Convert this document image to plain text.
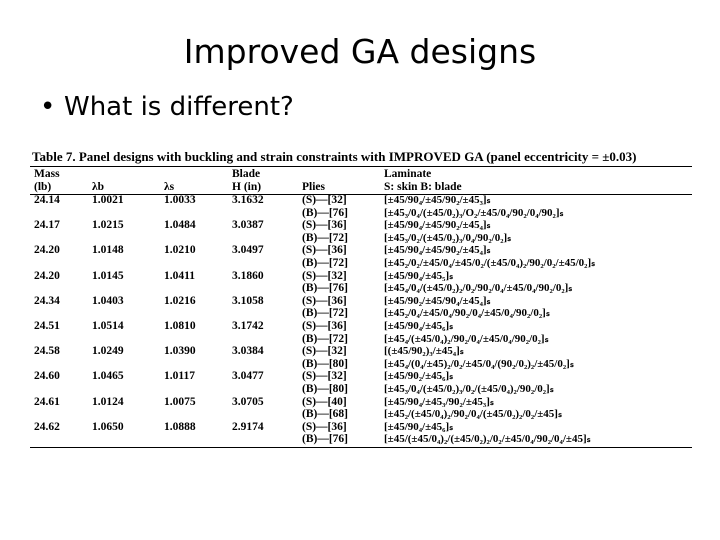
Improved GA designs
• What is different?
Table 7. Panel designs with buckling and strain constraints with IMPROVED GA (panel eccentricity = ±0.03)
Mass			Blade		Laminate
(lb)	λb	λs	H (in)	Plies	S: skin B: blade
24.14	1.0021	1.0033	3.1632	(S)—[32]	[±45/90₄/±45/90₂/±45₃]ₛ
				(B)—[76]	[±45₃/0₄/(±45/0₂)₃/O₂/±45/0₄/90₂/0₄/90₂]ₛ
24.17	1.0215	1.0484	3.0387	(S)—[36]	[±45/90₄/±45/90₂/±45₄]ₛ
				(B)—[72]	[±45₃/0₂/(±45/0₂)₃/0₄/90₂/0₂]ₛ
24.20	1.0148	1.0210	3.0497	(S)—[36]	[±45/90₄/±45/90₂/±45₄]ₛ
				(B)—[72]	[±45₂/0₂/±45/0₄/±45/0₂/(±45/0₄)₂/90₂/0₂/±45/0₂]ₛ
24.20	1.0145	1.0411	3.1860	(S)—[32]	[±45/90₄/±45₅]ₛ
				(B)—[76]	[±45₄/0₄/(±45/0₂)₂/0₂/90₂/0₄/±45/0₄/90₂/0₂]ₛ
24.34	1.0403	1.0216	3.1058	(S)—[36]	[±45/90₂/±45/90₄/±45₄]ₛ
				(B)—[72]	[±45₂/0₄/±45/0₄/90₂/0₄/±45/0₄/90₂/0₂]ₛ
24.51	1.0514	1.0810	3.1742	(S)—[36]	[±45/90₄/±45₆]ₛ
				(B)—[72]	[±45₄/(±45/0₄)₂/90₂/0₄/±45/0₄/90₂/0₂]ₛ
24.58	1.0249	1.0390	3.0384	(S)—[32]	[(±45/90₂)₃/±45₄]ₛ
				(B)—[80]	[±45₄/(0₄/±45)₂/0₂/±45/0₄/(90₂/0₂)₂/±45/0₂]ₛ
24.60	1.0465	1.0117	3.0477	(S)—[32]	[±45/90₂/±45₆]ₛ
				(B)—[80]	[±45₃/0₄/(±45/0₂)₃/0₂/(±45/0₄)₂/90₂/0₂]ₛ
24.61	1.0124	1.0075	3.0705	(S)—[40]	[±45/90₄/±45₃/90₂/±45₃]ₛ
				(B)—[68]	[±45₂/(±45/0₄)₂/90₂/0₄/(±45/0₂)₂/0₂/±45]ₛ
24.62	1.0650	1.0888	2.9174	(S)—[36]	[±45/90₄/±45₆]ₛ
				(B)—[76]	[±45/(±45/0₄)₂/(±45/0₂)₂/0₂/±45/0₄/90₂/0₄/±45]ₛ
